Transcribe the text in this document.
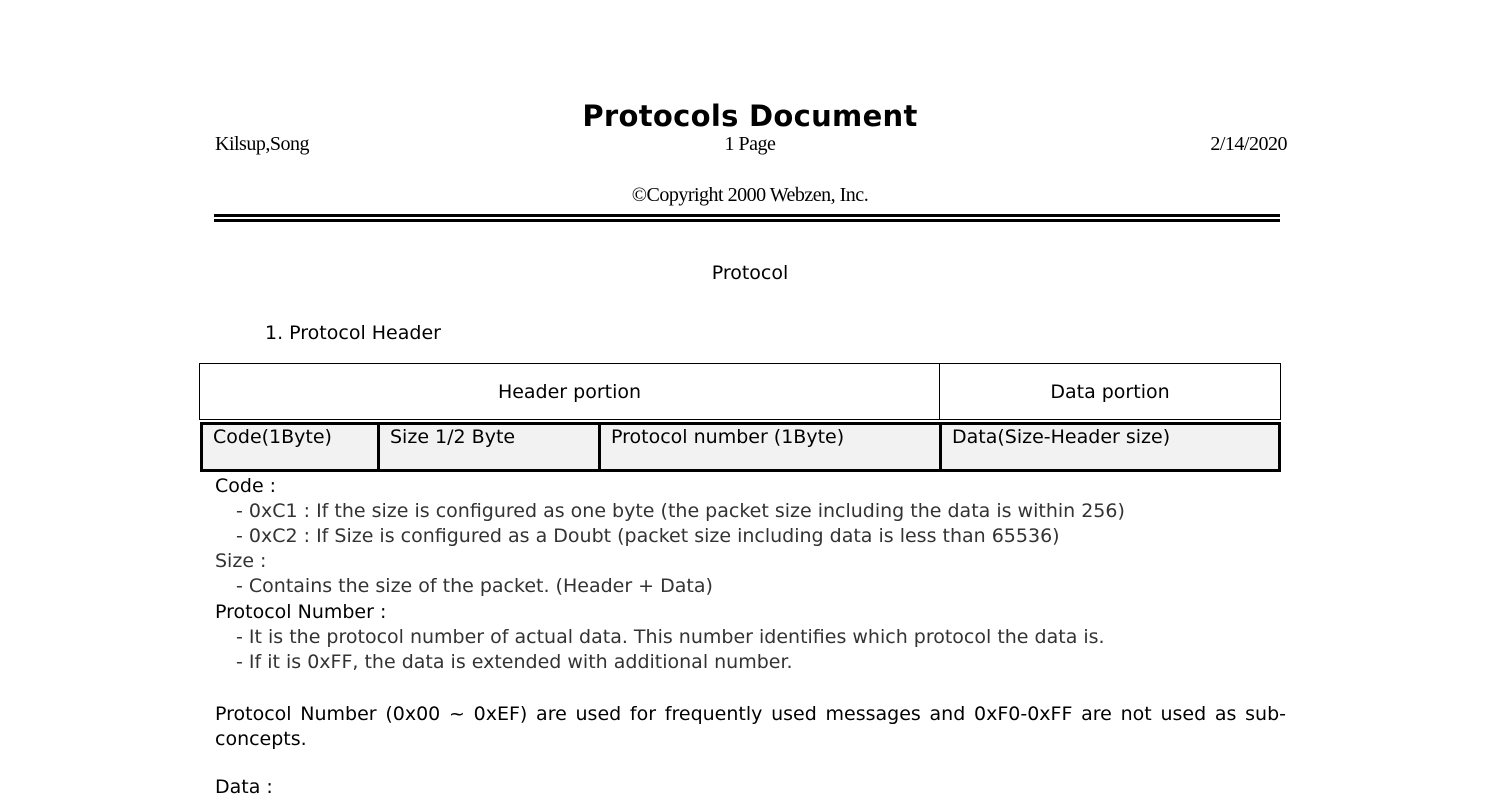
Protocols Document
Kilsup,Song	1 Page	2/14/2020
©Copyright 2000 Webzen, Inc.
Protocol
1. Protocol Header
Header portion	Data portion
Code(1Byte)	Size 1/2 Byte	Protocol number (1Byte)	Data(Size-Header size)
Code :
- 0xC1 : If the size is configured as one byte (the packet size including the data is within 256)
- 0xC2 : If Size is configured as a Doubt (packet size including data is less than 65536)
Size :
- Contains the size of the packet. (Header + Data)
Protocol Number :
- It is the protocol number of actual data. This number identifies which protocol the data is.
- If it is 0xFF, the data is extended with additional number.
Protocol Number (0x00 ~ 0xEF) are used for frequently used messages and 0xF0-0xFF are not used as sub-concepts.
Data :
